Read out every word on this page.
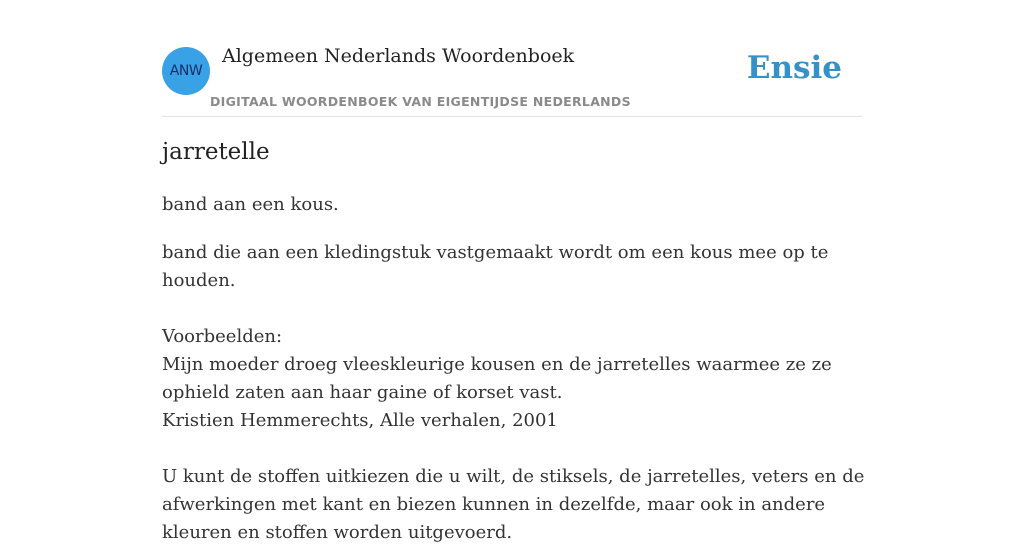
ANW
Algemeen Nederlands Woordenboek
DIGITAAL WOORDENBOEK VAN EIGENTIJDSE NEDERLANDS
Ensie
jarretelle
band aan een kous.

band die aan een kledingstuk vastgemaakt wordt om een kous mee op te houden.

Voorbeelden:

Mijn moeder droeg vleeskleurige kousen en de jarretelles waarmee ze ze ophield zaten aan haar gaine of korset vast.

Kristien Hemmerechts, Alle verhalen, 2001

U kunt de stoffen uitkiezen die u wilt, de stiksels, de jarretelles, veters en de afwerkingen met kant en biezen kunnen in dezelfde, maar ook in andere kleuren en stoffen worden uitgevoerd.
